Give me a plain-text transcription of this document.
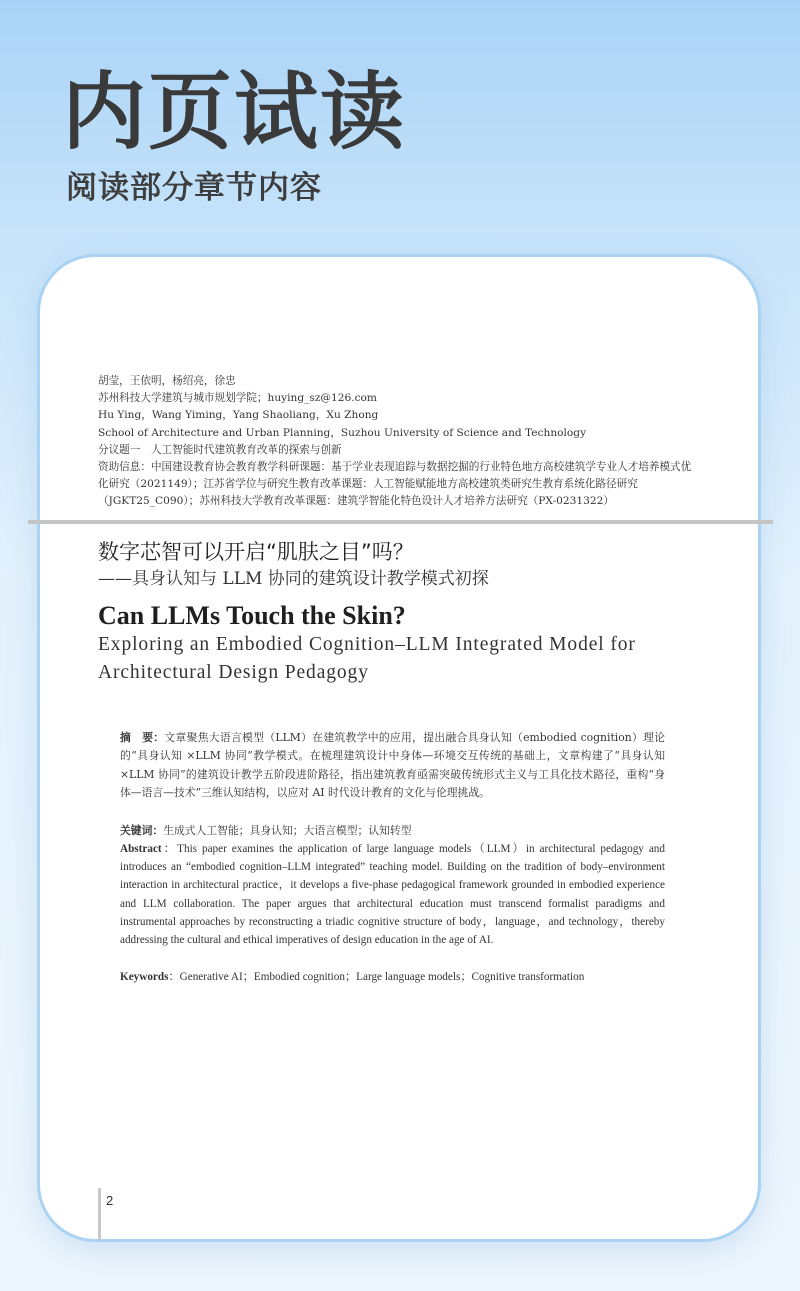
内页试读
阅读部分章节内容
胡莹，王依明，杨绍亮，徐忠
苏州科技大学建筑与城市规划学院；huying_sz@126.com
Hu Ying，Wang Yiming，Yang Shaoliang，Xu Zhong
School of Architecture and Urban Planning，Suzhou University of Science and Technology
分议题一　人工智能时代建筑教育改革的探索与创新
资助信息：中国建设教育协会教育教学科研课题：基于学业表现追踪与数据挖掘的行业特色地方高校建筑学专业人才培养模式优化研究（2021149）；江苏省学位与研究生教育改革课题：人工智能赋能地方高校建筑类研究生教育系统化路径研究（JGKT25_C090）；苏州科技大学教育改革课题：建筑学智能化特色设计人才培养方法研究（PX-0231322）
数字芯智可以开启“肌肤之目”吗？
——具身认知与 LLM 协同的建筑设计教学模式初探
Can LLMs Touch the Skin?
Exploring an Embodied Cognition–LLM Integrated Model for Architectural Design Pedagogy

摘　要：文章聚焦大语言模型（LLM）在建筑教学中的应用，提出融合具身认知（embodied cognition）理论的“具身认知 ×LLM 协同”教学模式。在梳理建筑设计中身体—环境交互传统的基础上，文章构建了“具身认知 ×LLM 协同”的建筑设计教学五阶段进阶路径，指出建筑教育亟需突破传统形式主义与工具化技术路径，重构“身体—语言—技术”三维认知结构，以应对 AI 时代设计教育的文化与伦理挑战。

关键词：生成式人工智能；具身认知；大语言模型；认知转型

Abstract：This paper examines the application of large language models（LLM）in architectural pedagogy and introduces an “embodied cognition–LLM integrated” teaching model. Building on the tradition of body–environment interaction in architectural practice，it develops a five-phase pedagogical framework grounded in embodied experience and LLM collaboration. The paper argues that architectural education must transcend formalist paradigms and instrumental approaches by reconstructing a triadic cognitive structure of body，language，and technology，thereby addressing the cultural and ethical imperatives of design education in the age of AI.

Keywords：Generative AI；Embodied cognition；Large language models；Cognitive transformation

2
